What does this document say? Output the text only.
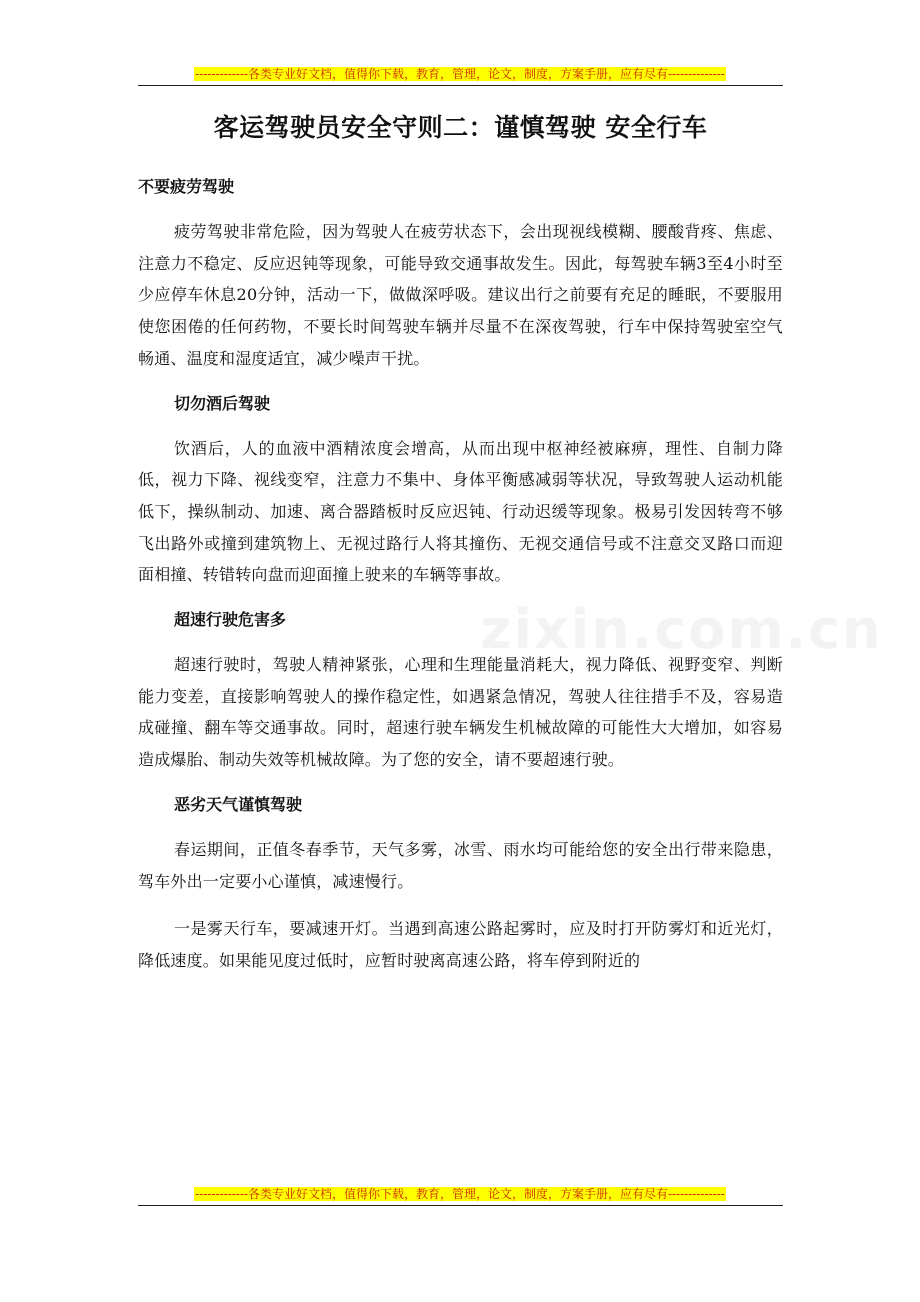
-------------各类专业好文档，值得你下载，教育，管理，论文，制度，方案手册，应有尽有--------------
zixin.com.cn
客运驾驶员安全守则二：谨慎驾驶 安全行车
不要疲劳驾驶

疲劳驾驶非常危险，因为驾驶人在疲劳状态下，会出现视线模糊、腰酸背疼、焦虑、注意力不稳定、反应迟钝等现象，可能导致交通事故发生。因此，每驾驶车辆3至4小时至少应停车休息20分钟，活动一下，做做深呼吸。建议出行之前要有充足的睡眠，不要服用使您困倦的任何药物，不要长时间驾驶车辆并尽量不在深夜驾驶，行车中保持驾驶室空气畅通、温度和湿度适宜，减少噪声干扰。

切勿酒后驾驶

饮酒后，人的血液中酒精浓度会增高，从而出现中枢神经被麻痹，理性、自制力降低，视力下降、视线变窄，注意力不集中、身体平衡感减弱等状况，导致驾驶人运动机能低下，操纵制动、加速、离合器踏板时反应迟钝、行动迟缓等现象。极易引发因转弯不够飞出路外或撞到建筑物上、无视过路行人将其撞伤、无视交通信号或不注意交叉路口而迎面相撞、转错转向盘而迎面撞上驶来的车辆等事故。

超速行驶危害多

超速行驶时，驾驶人精神紧张，心理和生理能量消耗大，视力降低、视野变窄、判断能力变差，直接影响驾驶人的操作稳定性，如遇紧急情况，驾驶人往往措手不及，容易造成碰撞、翻车等交通事故。同时，超速行驶车辆发生机械故障的可能性大大增加，如容易造成爆胎、制动失效等机械故障。为了您的安全，请不要超速行驶。

恶劣天气谨慎驾驶

春运期间，正值冬春季节，天气多雾，冰雪、雨水均可能给您的安全出行带来隐患，驾车外出一定要小心谨慎，减速慢行。

一是雾天行车，要减速开灯。当遇到高速公路起雾时，应及时打开防雾灯和近光灯，降低速度。如果能见度过低时，应暂时驶离高速公路，将车停到附近的

-------------各类专业好文档，值得你下载，教育，管理，论文，制度，方案手册，应有尽有--------------
